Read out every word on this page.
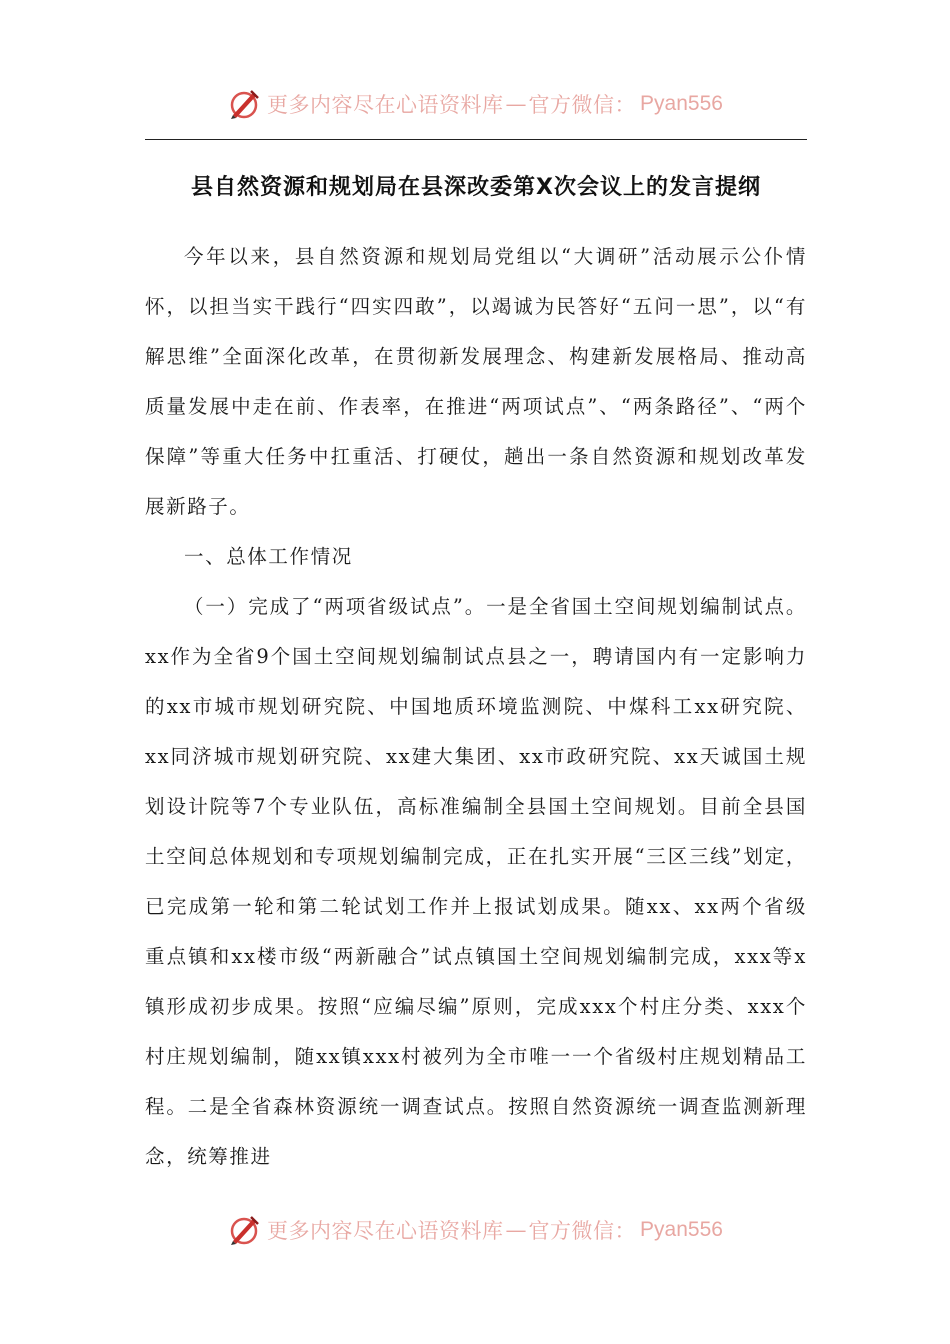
更多内容尽在心语资料库 — 官方微信： Pyan556
县自然资源和规划局在县深改委第X次会议上的发言提纲

今年以来，县自然资源和规划局党组以“大调研”活动展示公仆情怀，以担当实干践行“四实四敢”，以竭诚为民答好“五问一思”，以“有解思维”全面深化改革，在贯彻新发展理念、构建新发展格局、推动高质量发展中走在前、作表率，在推进“两项试点”、“两条路径”、“两个保障”等重大任务中扛重活、打硬仗，趟出一条自然资源和规划改革发展新路子。

一、总体工作情况

（一）完成了“两项省级试点”。一是全省国土空间规划编制试点。xx作为全省9个国土空间规划编制试点县之一，聘请国内有一定影响力的xx市城市规划研究院、中国地质环境监测院、中煤科工xx研究院、xx同济城市规划研究院、xx建大集团、xx市政研究院、xx天诚国土规划设计院等7个专业队伍，高标准编制全县国土空间规划。目前全县国土空间总体规划和专项规划编制完成，正在扎实开展“三区三线”划定，已完成第一轮和第二轮试划工作并上报试划成果。随xx、xx两个省级重点镇和xx楼市级“两新融合”试点镇国土空间规划编制完成，xxx等x镇形成初步成果。按照“应编尽编”原则，完成xxx个村庄分类、xxx个村庄规划编制，随xx镇xxx村被列为全市唯一一个省级村庄规划精品工程。二是全省森林资源统一调查试点。按照自然资源统一调查监测新理念，统筹推进

更多内容尽在心语资料库 — 官方微信： Pyan556
